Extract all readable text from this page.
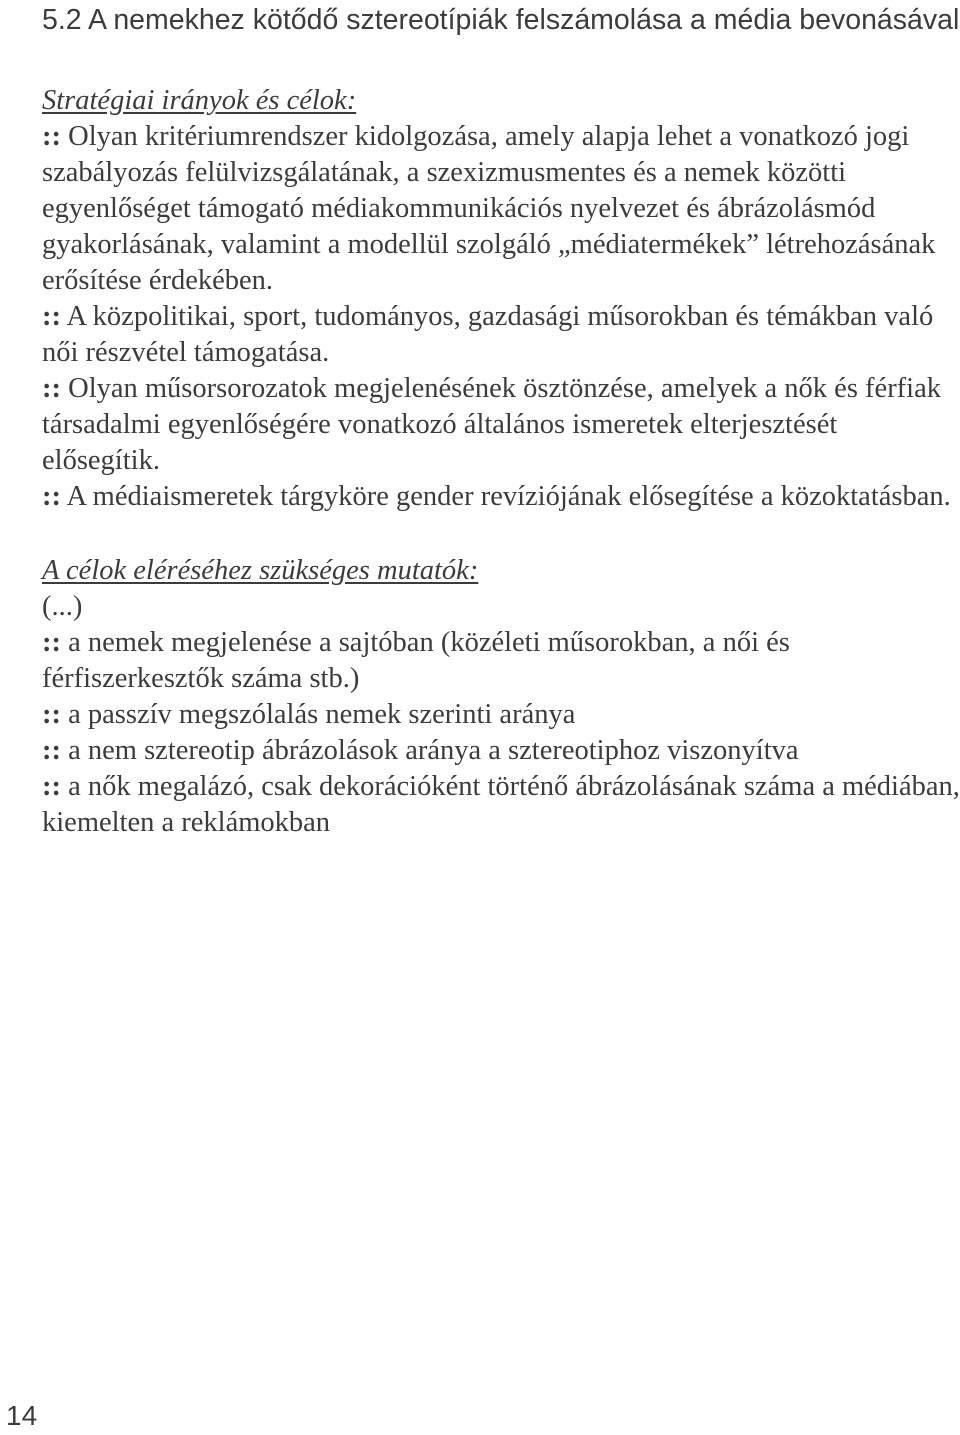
5.2 A nemekhez kötődő sztereotípiák felszámolása a média bevonásával

Stratégiai irányok és célok:

:: Olyan kritériumrendszer kidolgozása, amely alapja lehet a vonatkozó jogi szabályozás felülvizsgálatának, a szexizmusmentes és a nemek közötti egyenlőséget támogató médiakommunikációs nyelvezet és ábrázolásmód gyakorlásának, valamint a modellül szolgáló „médiatermékek” létrehozásának erősítése érdekében.

:: A közpolitikai, sport, tudományos, gazdasági műsorokban és témákban való női részvétel támogatása.

:: Olyan műsorsorozatok megjelenésének ösztönzése, amelyek a nők és férfiak társadalmi egyenlőségére vonatkozó általános ismeretek elterjesztését elősegítik.

:: A médiaismeretek tárgyköre gender revíziójának elősegítése a közoktatásban.

A célok eléréséhez szükséges mutatók:

(...)

:: a nemek megjelenése a sajtóban (közéleti műsorokban, a női és férfiszerkesztők száma stb.)

:: a passzív megszólalás nemek szerinti aránya

:: a nem sztereotip ábrázolások aránya a sztereotiphoz viszonyítva

:: a nők megalázó, csak dekorációként történő ábrázolásának száma a médiában, kiemelten a reklámokban

14
